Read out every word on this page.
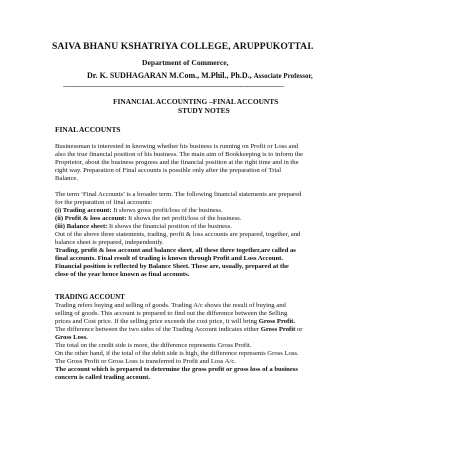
SAIVA BHANU KSHATRIYA COLLEGE, ARUPPUKOTTAI.
Department of Commerce,
Dr. K. SUDHAGARAN M.Com., M.Phil., Ph.D., Associate Professor,
----------------------------------------------------------------------------------------------------------------------------------
FINANCIAL ACCOUNTING –FINAL ACCOUNTS
STUDY NOTES
FINAL ACCOUNTS
Businessman is interested in knowing whether his business is running on Profit or Loss and
also the true financial position of his business. The main aim of Bookkeeping is to inform the
Proprietor, about the business progress and the financial position at the right time and in the
right way. Preparation of Final accounts is possible only after the preparation of Trial
Balance.
The term ‘Final Accounts’ is a broader term. The following financial statements are prepared
for the preparation of final accounts:
(i) Trading account: It shows gross profit/loss of the business.
(ii) Profit & loss account: It shows the net profit/loss of the business.
(iii) Balance sheet: It shows the financial position of the business.
Out of the above three statements, trading, profit & loss accounts are prepared, together, and
balance sheet is prepared, independently.
Trading, profit & loss account and balance sheet, all these three together,are called as
final accounts. Final result of trading is known through Profit and Loss Account.
Financial position is reflected by Balance Sheet. These are, usually, prepared at the
close of the year hence known as final accounts.
TRADING ACCOUNT
Trading refers buying and selling of goods. Trading A/c shows the result of buying and
selling of goods. This account is prepared to find out the difference between the Selling
prices and Cost price. If the selling price exceeds the cost price, it will bring Gross Profit.
The difference between the two sides of the Trading Account indicates either Gross Profit or
Gross Loss.
The total on the credit side is more, the difference represents Gross Profit.
On the other hand, if the total of the debit side is high, the difference represents Gross Loss.
The Gross Profit or Gross Loss is transferred to Profit and Loss A/c.
The account which is prepared to determine the gross profit or gross loss of a business
concern is called trading account.
